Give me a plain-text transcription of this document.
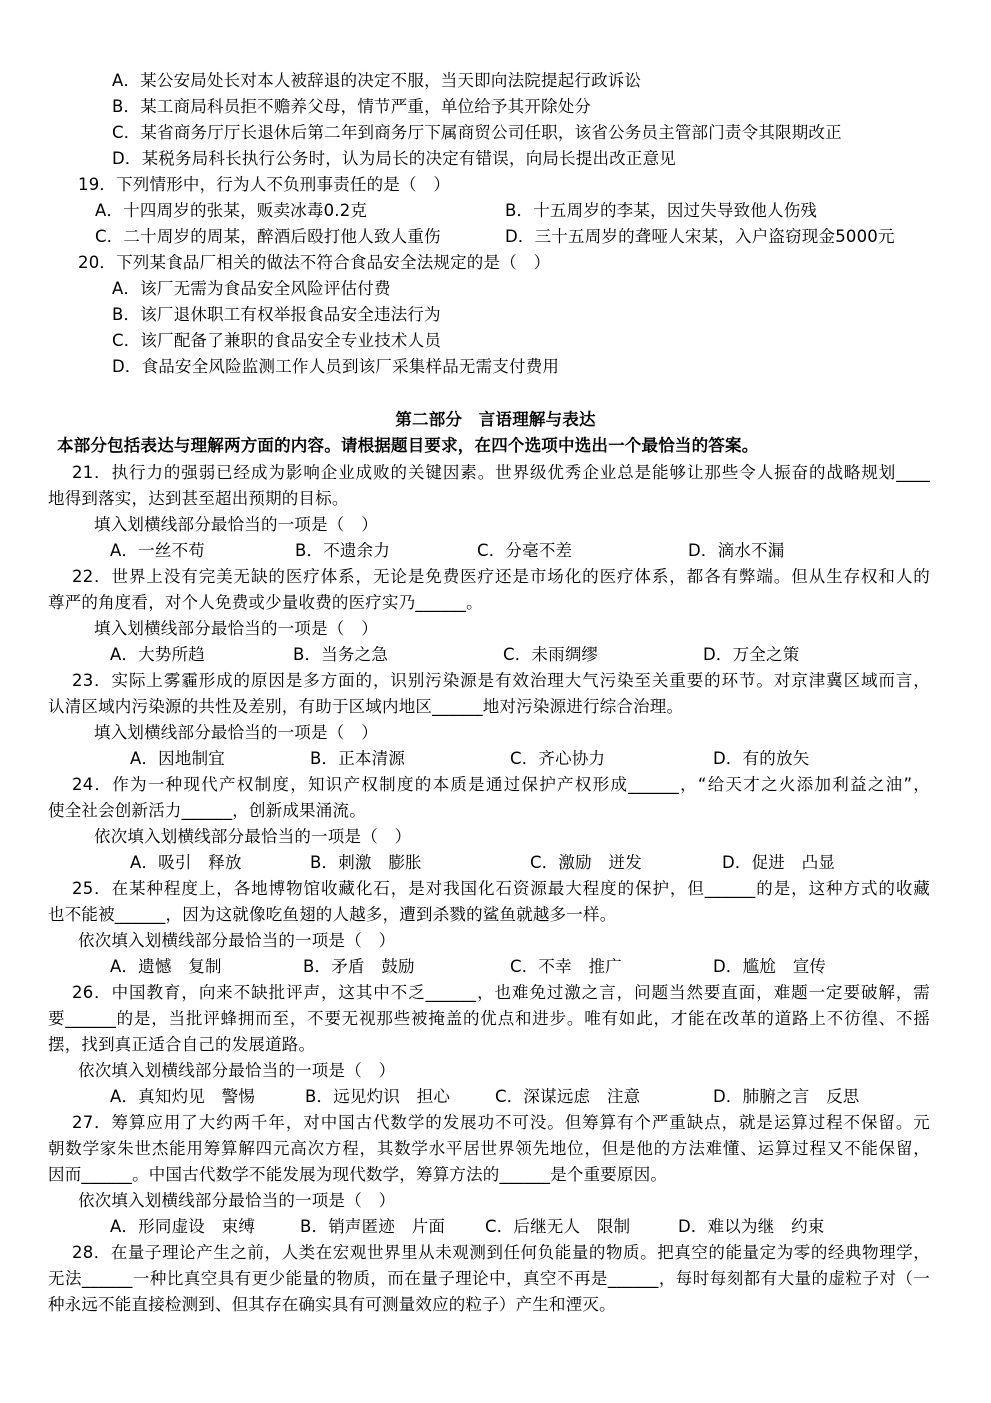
A．某公安局处长对本人被辞退的决定不服，当天即向法院提起行政诉讼
B．某工商局科员拒不赡养父母，情节严重，单位给予其开除处分
C．某省商务厅厅长退休后第二年到商务厅下属商贸公司任职，该省公务员主管部门责令其限期改正
D．某税务局科长执行公务时，认为局长的决定有错误，向局长提出改正意见
19．下列情形中，行为人不负刑事责任的是（　）
A．十四周岁的张某，贩卖冰毒0.2克	B．十五周岁的李某，因过失导致他人伤残
C．二十周岁的周某，醉酒后殴打他人致人重伤	D．三十五周岁的聋哑人宋某，入户盗窃现金5000元
20．下列某食品厂相关的做法不符合食品安全法规定的是（　）
A．该厂无需为食品安全风险评估付费
B．该厂退休职工有权举报食品安全违法行为
C．该厂配备了兼职的食品安全专业技术人员
D．食品安全风险监测工作人员到该厂采集样品无需支付费用
第二部分　言语理解与表达
本部分包括表达与理解两方面的内容。请根据题目要求，在四个选项中选出一个最恰当的答案。
21．执行力的强弱已经成为影响企业成败的关键因素。世界级优秀企业总是能够让那些令人振奋的战略规划____
地得到落实，达到甚至超出预期的目标。
填入划横线部分最恰当的一项是（　）
A．一丝不苟	B．不遗余力	C．分毫不差	D．滴水不漏
22．世界上没有完美无缺的医疗体系，无论是免费医疗还是市场化的医疗体系，都各有弊端。但从生存权和人的
尊严的角度看，对个人免费或少量收费的医疗实乃______。
填入划横线部分最恰当的一项是（　）
A．大势所趋	B．当务之急	C．未雨绸缪	D．万全之策
23．实际上雾霾形成的原因是多方面的，识别污染源是有效治理大气污染至关重要的环节。对京津冀区域而言，
认清区域内污染源的共性及差别，有助于区域内地区______地对污染源进行综合治理。
填入划横线部分最恰当的一项是（　）
A．因地制宜	B．正本清源	C．齐心协力	D．有的放矢
24．作为一种现代产权制度，知识产权制度的本质是通过保护产权形成______，“给天才之火添加利益之油”，
使全社会创新活力______，创新成果涌流。
依次填入划横线部分最恰当的一项是（　）
A．吸引　释放	B．刺激　膨胀	C．激励　迸发	D．促进　凸显
25．在某种程度上，各地博物馆收藏化石，是对我国化石资源最大程度的保护，但______的是，这种方式的收藏
也不能被______，因为这就像吃鱼翅的人越多，遭到杀戮的鲨鱼就越多一样。
依次填入划横线部分最恰当的一项是（　）
A．遗憾　复制	B．矛盾　鼓励	C．不幸　推广	D．尴尬　宣传
26．中国教育，向来不缺批评声，这其中不乏______，也难免过激之言，问题当然要直面，难题一定要破解，需
要______的是，当批评蜂拥而至，不要无视那些被掩盖的优点和进步。唯有如此，才能在改革的道路上不彷徨、不摇
摆，找到真正适合自己的发展道路。
依次填入划横线部分最恰当的一项是（　）
A．真知灼见　警惕	B．远见灼识　担心	C．深谋远虑　注意	D．肺腑之言　反思
27．筹算应用了大约两千年，对中国古代数学的发展功不可没。但筹算有个严重缺点，就是运算过程不保留。元
朝数学家朱世杰能用筹算解四元高次方程，其数学水平居世界领先地位，但是他的方法难懂、运算过程又不能保留，
因而______。中国古代数学不能发展为现代数学，筹算方法的______是个重要原因。
依次填入划横线部分最恰当的一项是（　）
A．形同虚设　束缚	B．销声匿迹　片面 C．后继无人　限制	D．难以为继　约束
28．在量子理论产生之前，人类在宏观世界里从未观测到任何负能量的物质。把真空的能量定为零的经典物理学，
无法______一种比真空具有更少能量的物质，而在量子理论中，真空不再是______，每时每刻都有大量的虚粒子对（一
种永远不能直接检测到、但其存在确实具有可测量效应的粒子）产生和湮灭。
